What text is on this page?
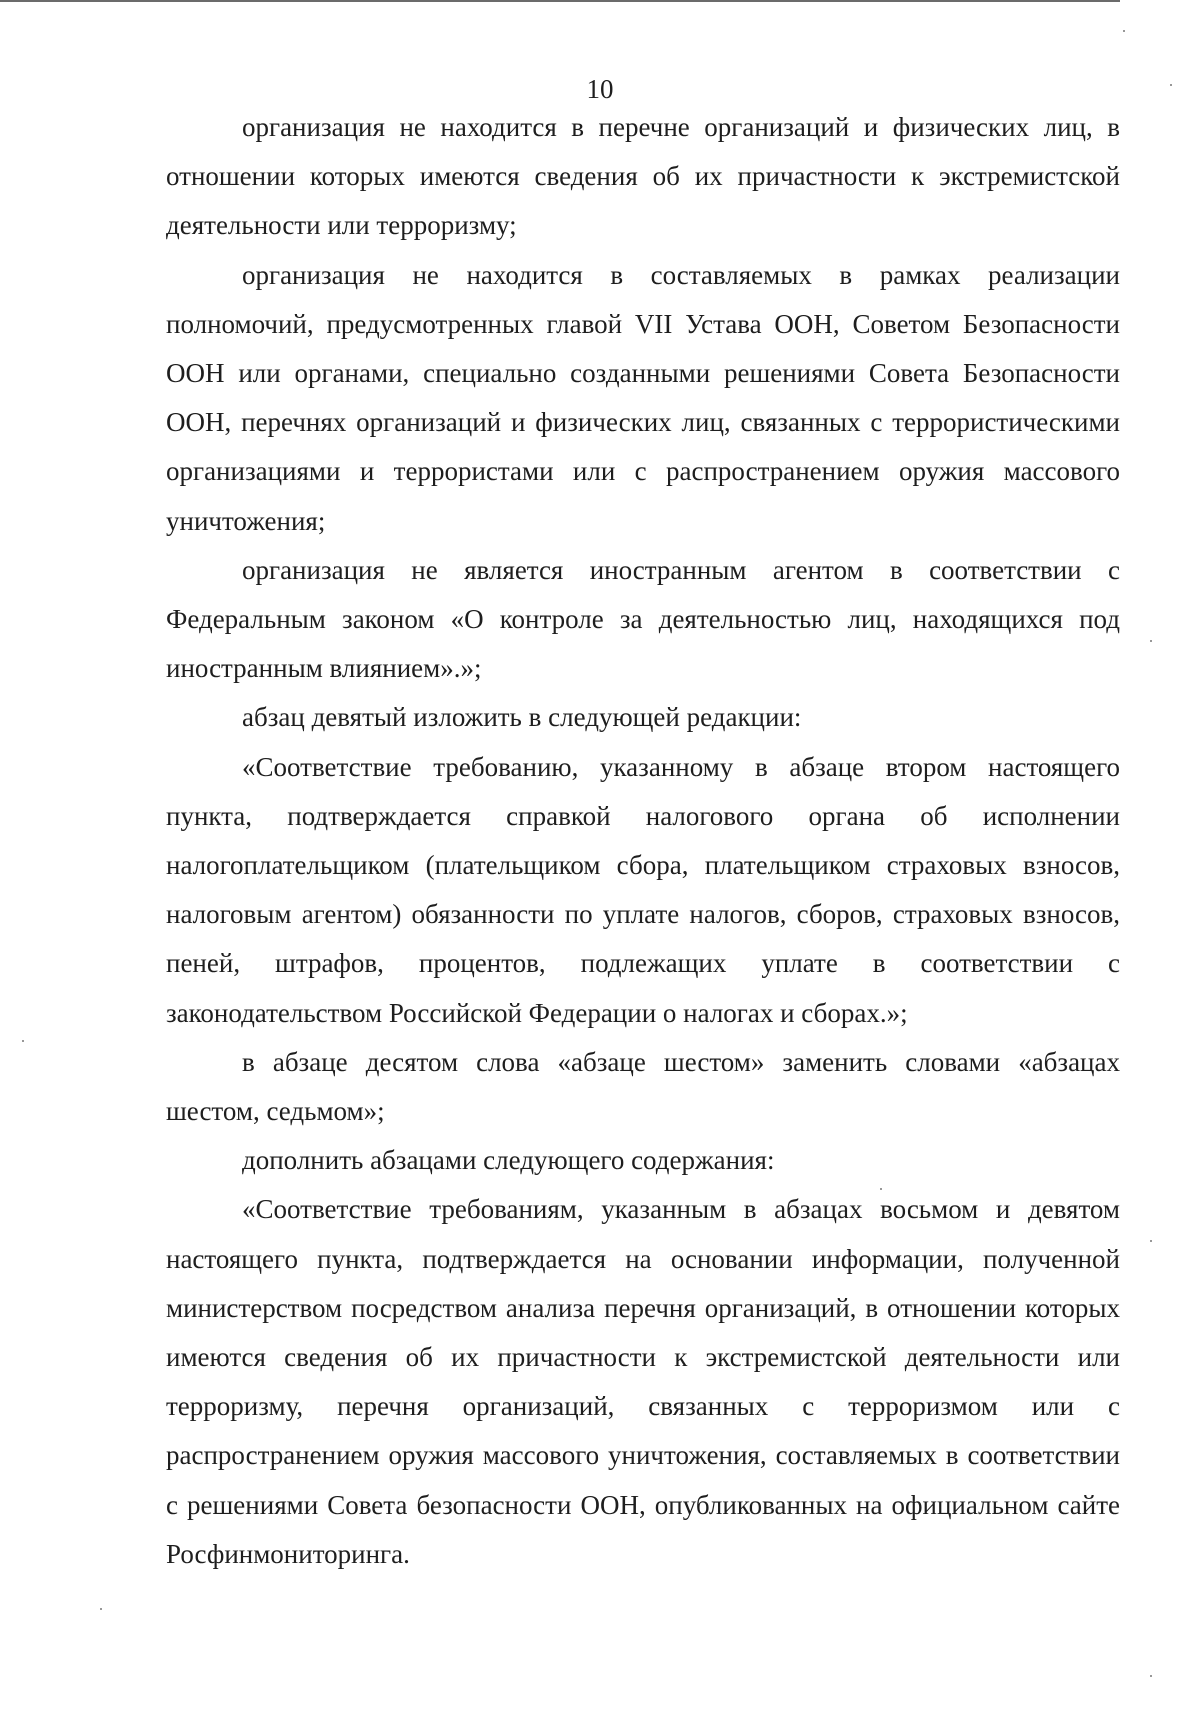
10

организация не находится в перечне организаций и физических лиц, в отношении которых имеются сведения об их причастности к экстремистской деятельности или терроризму;

организация не находится в составляемых в рамках реализации полномочий, предусмотренных главой VII Устава ООН, Советом Безопасности ООН или органами, специально созданными решениями Совета Безопасности ООН, перечнях организаций и физических лиц, связанных с террористическими организациями и террористами или с распространением оружия массового уничтожения;

организация не является иностранным агентом в соответствии с Федеральным законом «О контроле за деятельностью лиц, находящихся под иностранным влиянием».»;

абзац девятый изложить в следующей редакции:

«Соответствие требованию, указанному в абзаце втором настоящего пункта, подтверждается справкой налогового органа об исполнении налогоплательщиком (плательщиком сбора, плательщиком страховых взносов, налоговым агентом) обязанности по уплате налогов, сборов, страховых взносов, пеней, штрафов, процентов, подлежащих уплате в соответствии с законодательством Российской Федерации о налогах и сборах.»;

в абзаце десятом слова «абзаце шестом» заменить словами «абзацах шестом, седьмом»;

дополнить абзацами следующего содержания:

«Соответствие требованиям, указанным в абзацах восьмом и девятом настоящего пункта, подтверждается на основании информации, полученной министерством посредством анализа перечня организаций, в отношении которых имеются сведения об их причастности к экстремистской деятельности или терроризму, перечня организаций, связанных с терроризмом или с распространением оружия массового уничтожения, составляемых в соответствии с решениями Совета безопасности ООН, опубликованных на официальном сайте Росфинмониторинга.
